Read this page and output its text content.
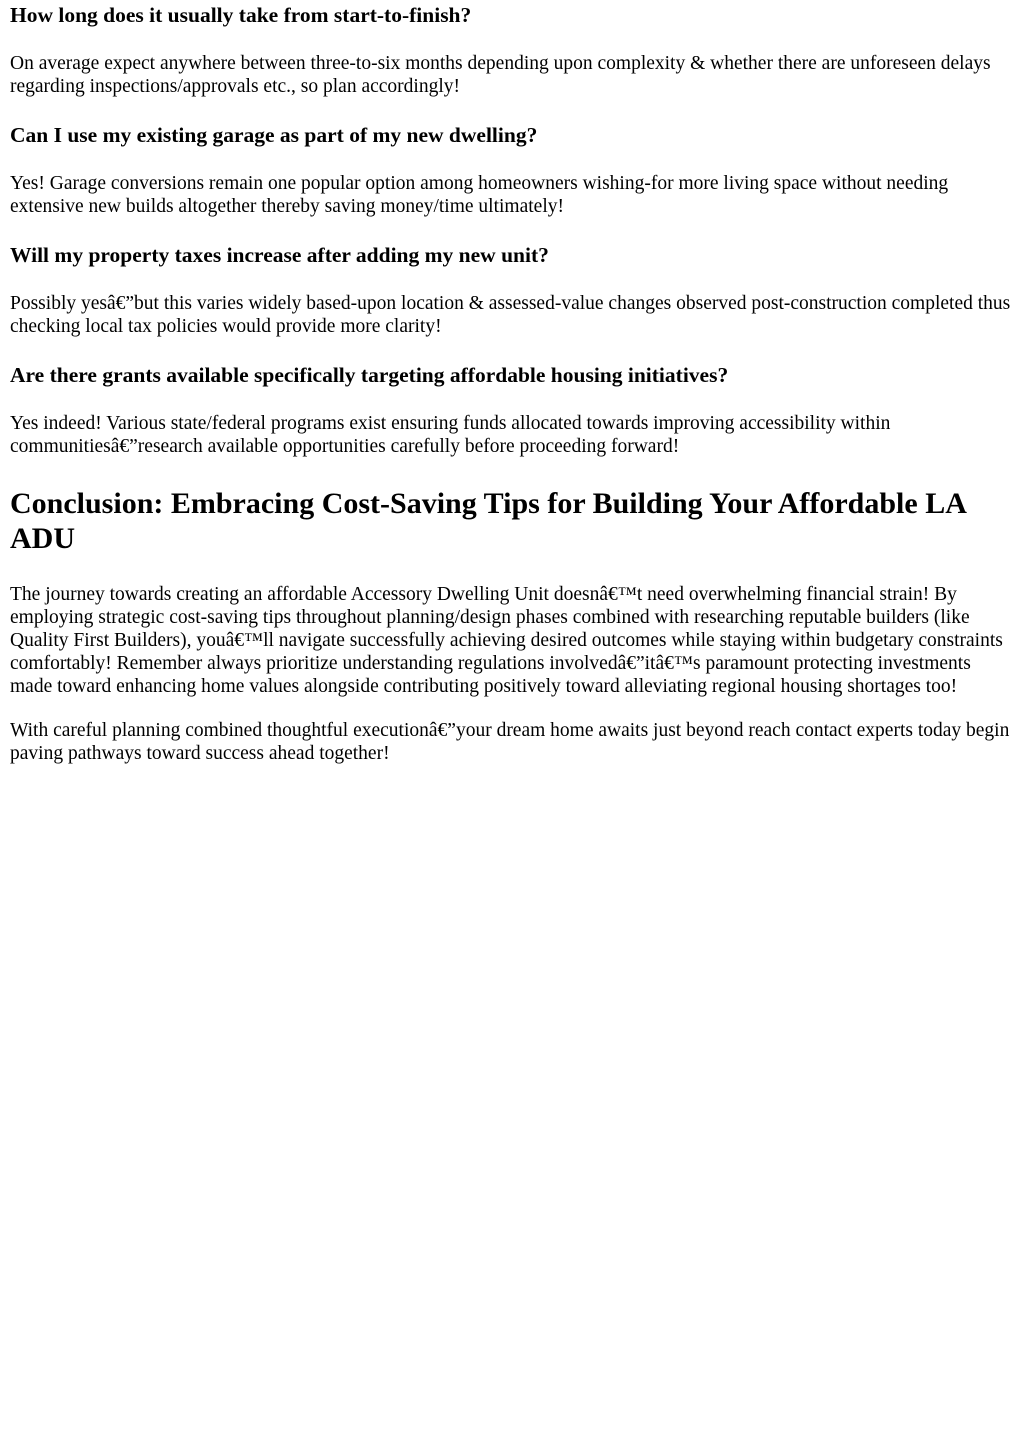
How long does it usually take from start-to-finish?

On average expect anywhere between three-to-six months depending upon complexity & whether there are unforeseen delays regarding inspections/approvals etc., so plan accordingly!

Can I use my existing garage as part of my new dwelling?

Yes! Garage conversions remain one popular option among homeowners wishing-for more living space without needing extensive new builds altogether thereby saving money/time ultimately!

Will my property taxes increase after adding my new unit?

Possibly yesâ€”but this varies widely based-upon location & assessed-value changes observed post-construction completed thus checking local tax policies would provide more clarity!

Are there grants available specifically targeting affordable housing initiatives?

Yes indeed! Various state/federal programs exist ensuring funds allocated towards improving accessibility within communitiesâ€”research available opportunities carefully before proceeding forward!

Conclusion: Embracing Cost-Saving Tips for Building Your Affordable LA ADU

The journey towards creating an affordable Accessory Dwelling Unit doesnâ€™t need overwhelming financial strain! By employing strategic cost-saving tips throughout planning/design phases combined with researching reputable builders (like Quality First Builders), youâ€™ll navigate successfully achieving desired outcomes while staying within budgetary constraints comfortably! Remember always prioritize understanding regulations involvedâ€”itâ€™s paramount protecting investments made toward enhancing home values alongside contributing positively toward alleviating regional housing shortages too!

With careful planning combined thoughtful executionâ€”your dream home awaits just beyond reach contact experts today begin paving pathways toward success ahead together!
